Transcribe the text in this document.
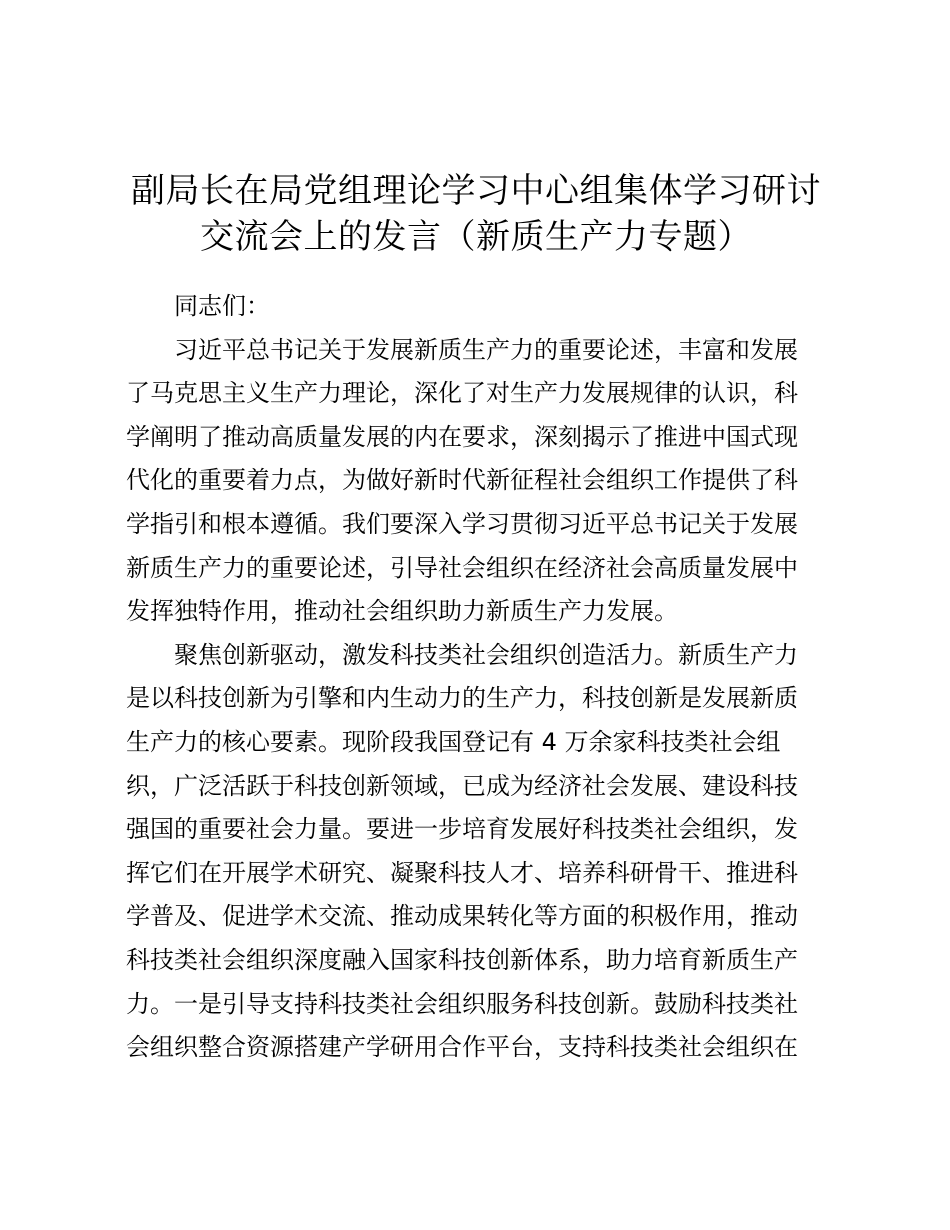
副局长在局党组理论学习中心组集体学习研讨
交流会上的发言（新质生产力专题）
同志们：
习近平总书记关于发展新质生产力的重要论述，丰富和发展
了马克思主义生产力理论，深化了对生产力发展规律的认识，科
学阐明了推动高质量发展的内在要求，深刻揭示了推进中国式现
代化的重要着力点，为做好新时代新征程社会组织工作提供了科
学指引和根本遵循。我们要深入学习贯彻习近平总书记关于发展
新质生产力的重要论述，引导社会组织在经济社会高质量发展中
发挥独特作用，推动社会组织助力新质生产力发展。
聚焦创新驱动，激发科技类社会组织创造活力。新质生产力
是以科技创新为引擎和内生动力的生产力，科技创新是发展新质
生产力的核心要素。现阶段我国登记有 4 万余家科技类社会组
织，广泛活跃于科技创新领域，已成为经济社会发展、建设科技
强国的重要社会力量。要进一步培育发展好科技类社会组织，发
挥它们在开展学术研究、凝聚科技人才、培养科研骨干、推进科
学普及、促进学术交流、推动成果转化等方面的积极作用，推动
科技类社会组织深度融入国家科技创新体系，助力培育新质生产
力。一是引导支持科技类社会组织服务科技创新。鼓励科技类社
会组织整合资源搭建产学研用合作平台，支持科技类社会组织在
